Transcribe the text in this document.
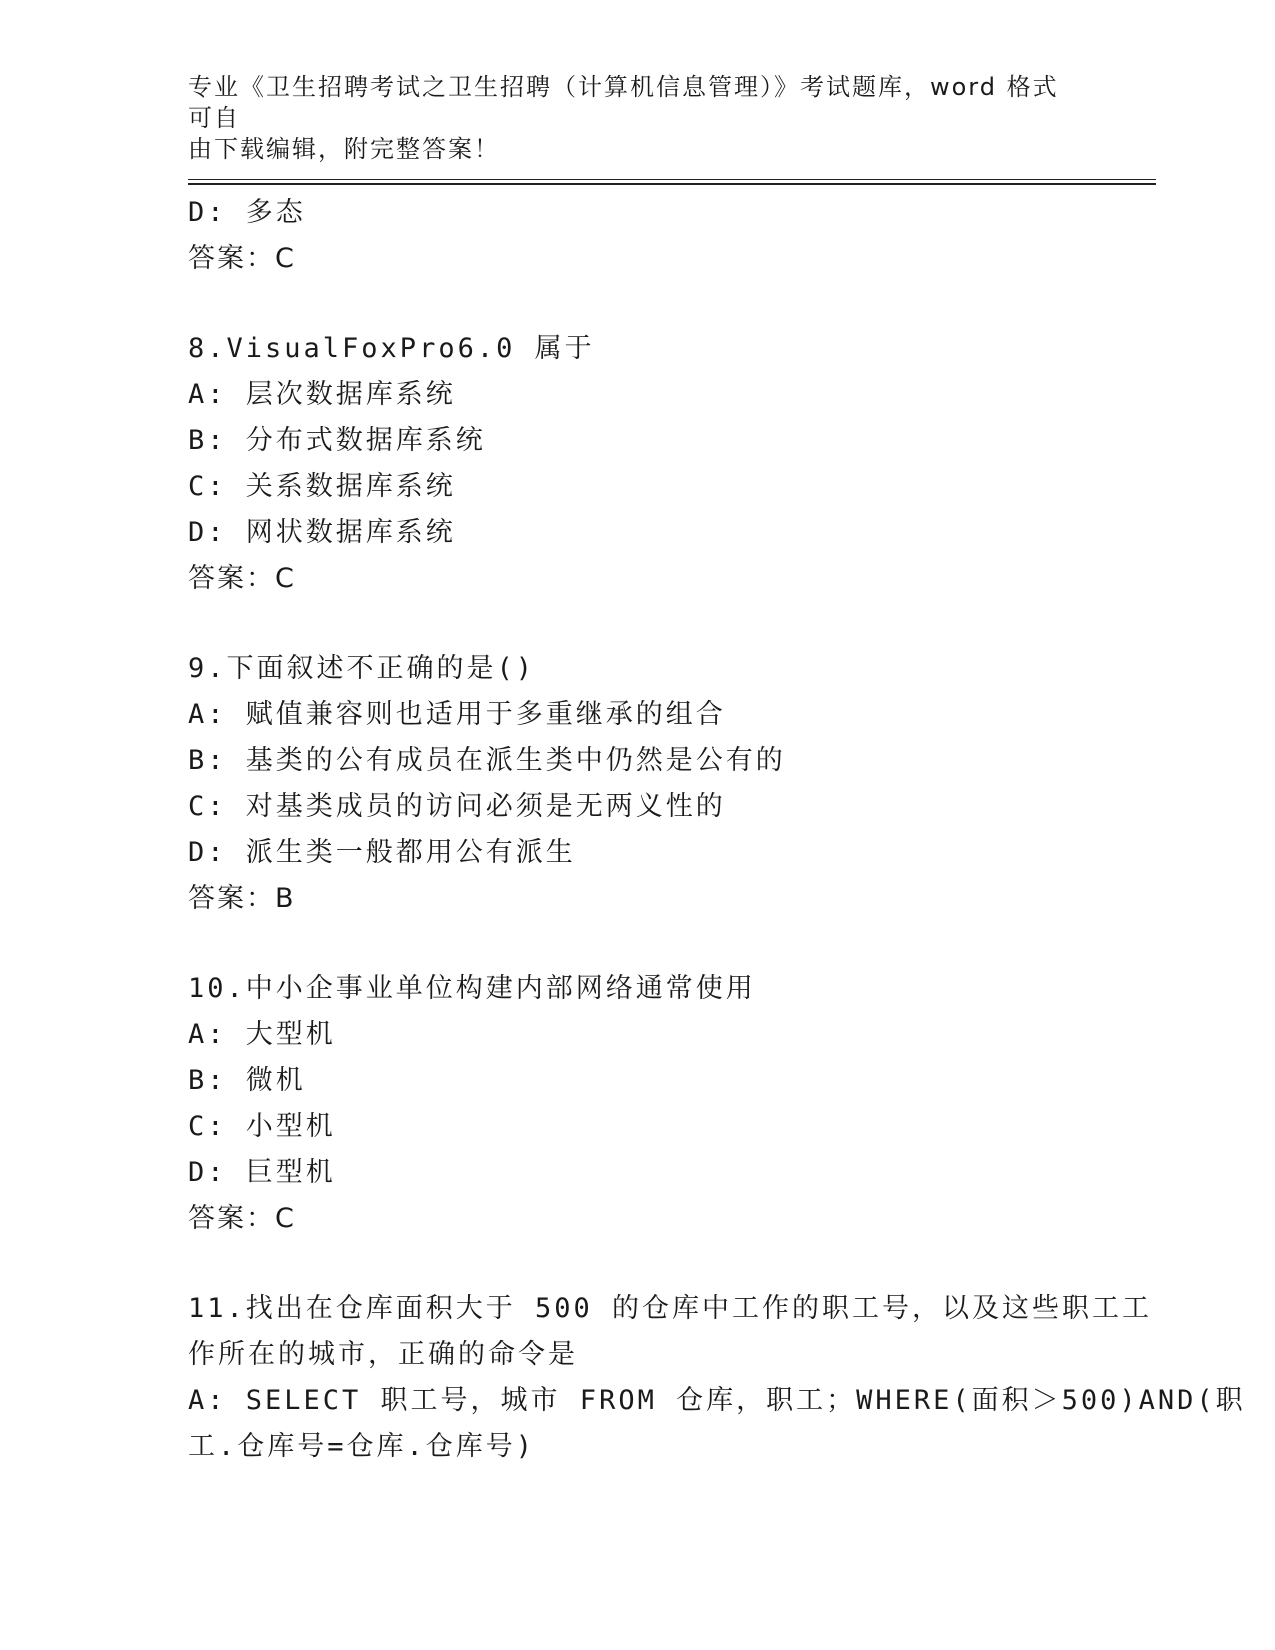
专业《卫生招聘考试之卫生招聘（计算机信息管理）》考试题库，word 格式可自
由下载编辑，附完整答案！
D: 多态
答案：C
8.VisualFoxPro6.0 属于
A: 层次数据库系统
B: 分布式数据库系统
C: 关系数据库系统
D: 网状数据库系统
答案：C
9.下面叙述不正确的是()
A: 赋值兼容则也适用于多重继承的组合
B: 基类的公有成员在派生类中仍然是公有的
C: 对基类成员的访问必须是无两义性的
D: 派生类一般都用公有派生
答案：B
10.中小企事业单位构建内部网络通常使用
A: 大型机
B: 微机
C: 小型机
D: 巨型机
答案：C
11.找出在仓库面积大于 500 的仓库中工作的职工号，以及这些职工工
作所在的城市，正确的命令是
A: SELECT 职工号，城市 FROM 仓库，职工；WHERE(面积＞500)AND(职
工.仓库号=仓库.仓库号)
